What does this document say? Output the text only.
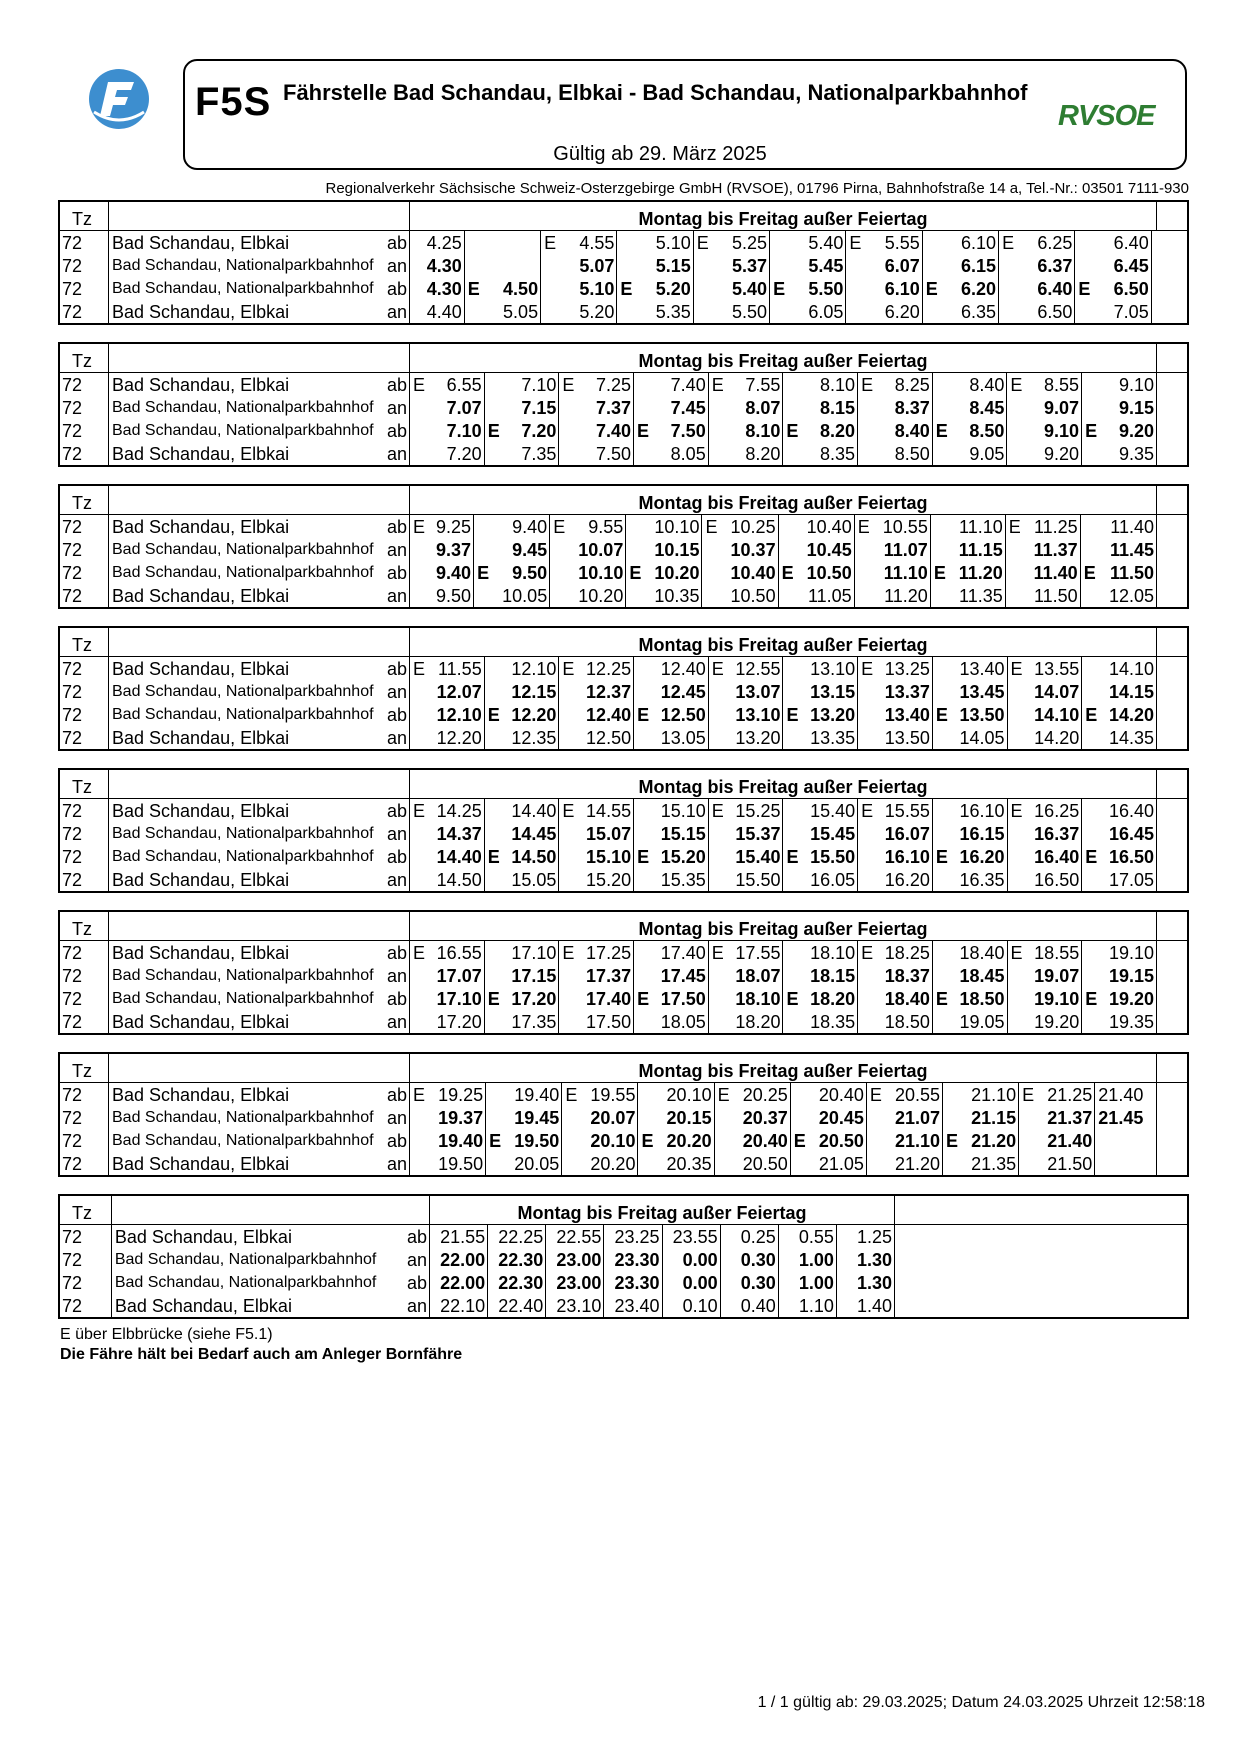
F5S Fährstelle Bad Schandau, Elbkai - Bad Schandau, Nationalparkbahnhof
Gültig ab 29. März 2025
RVSOE
Regionalverkehr Sächsische Schweiz-Osterzgebirge GmbH (RVSOE), 01796 Pirna, Bahnhofstraße 14 a, Tel.-Nr.: 03501 7111-930
Tz			Montag bis Freitag außer Feiertag																				
72	Bad Schandau, Elbkai	ab	4.25			E	4.55		5.10	E	5.25		5.40	E	5.55		6.10	E	6.25		6.40		
72	Bad Schandau, Nationalparkbahnhof	an	4.30				5.07		5.15		5.37		5.45		6.07		6.15		6.37		6.45		
72	Bad Schandau, Nationalparkbahnhof	ab	4.30	E	4.50		5.10	E	5.20		5.40	E	5.50		6.10	E	6.20		6.40	E	6.50		
72	Bad Schandau, Elbkai	an	4.40		5.05		5.20		5.35		5.50		6.05		6.20		6.35		6.50		7.05		
Tz			Montag bis Freitag außer Feiertag																				
72	Bad Schandau, Elbkai	ab	E	6.55		7.10	E	7.25		7.40	E	7.55		8.10	E	8.25		8.40	E	8.55		9.10	
72	Bad Schandau, Nationalparkbahnhof	an		7.07		7.15		7.37		7.45		8.07		8.15		8.37		8.45		9.07		9.15	
72	Bad Schandau, Nationalparkbahnhof	ab		7.10	E	7.20		7.40	E	7.50		8.10	E	8.20		8.40	E	8.50		9.10	E	9.20	
72	Bad Schandau, Elbkai	an		7.20		7.35		7.50		8.05		8.20		8.35		8.50		9.05		9.20		9.35	
Tz			Montag bis Freitag außer Feiertag																				
72	Bad Schandau, Elbkai	ab	E	9.25		9.40	E	9.55		10.10	E	10.25		10.40	E	10.55		11.10	E	11.25		11.40	
72	Bad Schandau, Nationalparkbahnhof	an		9.37		9.45		10.07		10.15		10.37		10.45		11.07		11.15		11.37		11.45	
72	Bad Schandau, Nationalparkbahnhof	ab		9.40	E	9.50		10.10	E	10.20		10.40	E	10.50		11.10	E	11.20		11.40	E	11.50	
72	Bad Schandau, Elbkai	an		9.50		10.05		10.20		10.35		10.50		11.05		11.20		11.35		11.50		12.05	
Tz			Montag bis Freitag außer Feiertag																				
72	Bad Schandau, Elbkai	ab	E	11.55		12.10	E	12.25		12.40	E	12.55		13.10	E	13.25		13.40	E	13.55		14.10	
72	Bad Schandau, Nationalparkbahnhof	an		12.07		12.15		12.37		12.45		13.07		13.15		13.37		13.45		14.07		14.15	
72	Bad Schandau, Nationalparkbahnhof	ab		12.10	E	12.20		12.40	E	12.50		13.10	E	13.20		13.40	E	13.50		14.10	E	14.20	
72	Bad Schandau, Elbkai	an		12.20		12.35		12.50		13.05		13.20		13.35		13.50		14.05		14.20		14.35	
Tz			Montag bis Freitag außer Feiertag																				
72	Bad Schandau, Elbkai	ab	E	14.25		14.40	E	14.55		15.10	E	15.25		15.40	E	15.55		16.10	E	16.25		16.40	
72	Bad Schandau, Nationalparkbahnhof	an		14.37		14.45		15.07		15.15		15.37		15.45		16.07		16.15		16.37		16.45	
72	Bad Schandau, Nationalparkbahnhof	ab		14.40	E	14.50		15.10	E	15.20		15.40	E	15.50		16.10	E	16.20		16.40	E	16.50	
72	Bad Schandau, Elbkai	an		14.50		15.05		15.20		15.35		15.50		16.05		16.20		16.35		16.50		17.05	
Tz			Montag bis Freitag außer Feiertag																				
72	Bad Schandau, Elbkai	ab	E	16.55		17.10	E	17.25		17.40	E	17.55		18.10	E	18.25		18.40	E	18.55		19.10	
72	Bad Schandau, Nationalparkbahnhof	an		17.07		17.15		17.37		17.45		18.07		18.15		18.37		18.45		19.07		19.15	
72	Bad Schandau, Nationalparkbahnhof	ab		17.10	E	17.20		17.40	E	17.50		18.10	E	18.20		18.40	E	18.50		19.10	E	19.20	
72	Bad Schandau, Elbkai	an		17.20		17.35		17.50		18.05		18.20		18.35		18.50		19.05		19.20		19.35	
Tz			Montag bis Freitag außer Feiertag																				
72	Bad Schandau, Elbkai	ab	E	19.25		19.40	E	19.55		20.10	E	20.25		20.40	E	20.55		21.10	E	21.25	21.40		
72	Bad Schandau, Nationalparkbahnhof	an		19.37		19.45		20.07		20.15		20.37		20.45		21.07		21.15		21.37	21.45		
72	Bad Schandau, Nationalparkbahnhof	ab		19.40	E	19.50		20.10	E	20.20		20.40	E	20.50		21.10	E	21.20		21.40			
72	Bad Schandau, Elbkai	an		19.50		20.05		20.20		20.35		20.50		21.05		21.20		21.35		21.50			
Tz			Montag bis Freitag außer Feiertag								
72	Bad Schandau, Elbkai	ab	21.55	22.25	22.55	23.25	23.55	0.25	0.55	1.25	
72	Bad Schandau, Nationalparkbahnhof	an	22.00	22.30	23.00	23.30	0.00	0.30	1.00	1.30	
72	Bad Schandau, Nationalparkbahnhof	ab	22.00	22.30	23.00	23.30	0.00	0.30	1.00	1.30	
72	Bad Schandau, Elbkai	an	22.10	22.40	23.10	23.40	0.10	0.40	1.10	1.40	
E über Elbbrücke (siehe F5.1)
Die Fähre hält bei Bedarf auch am Anleger Bornfähre
1 / 1 gültig ab: 29.03.2025; Datum 24.03.2025 Uhrzeit 12:58:18
